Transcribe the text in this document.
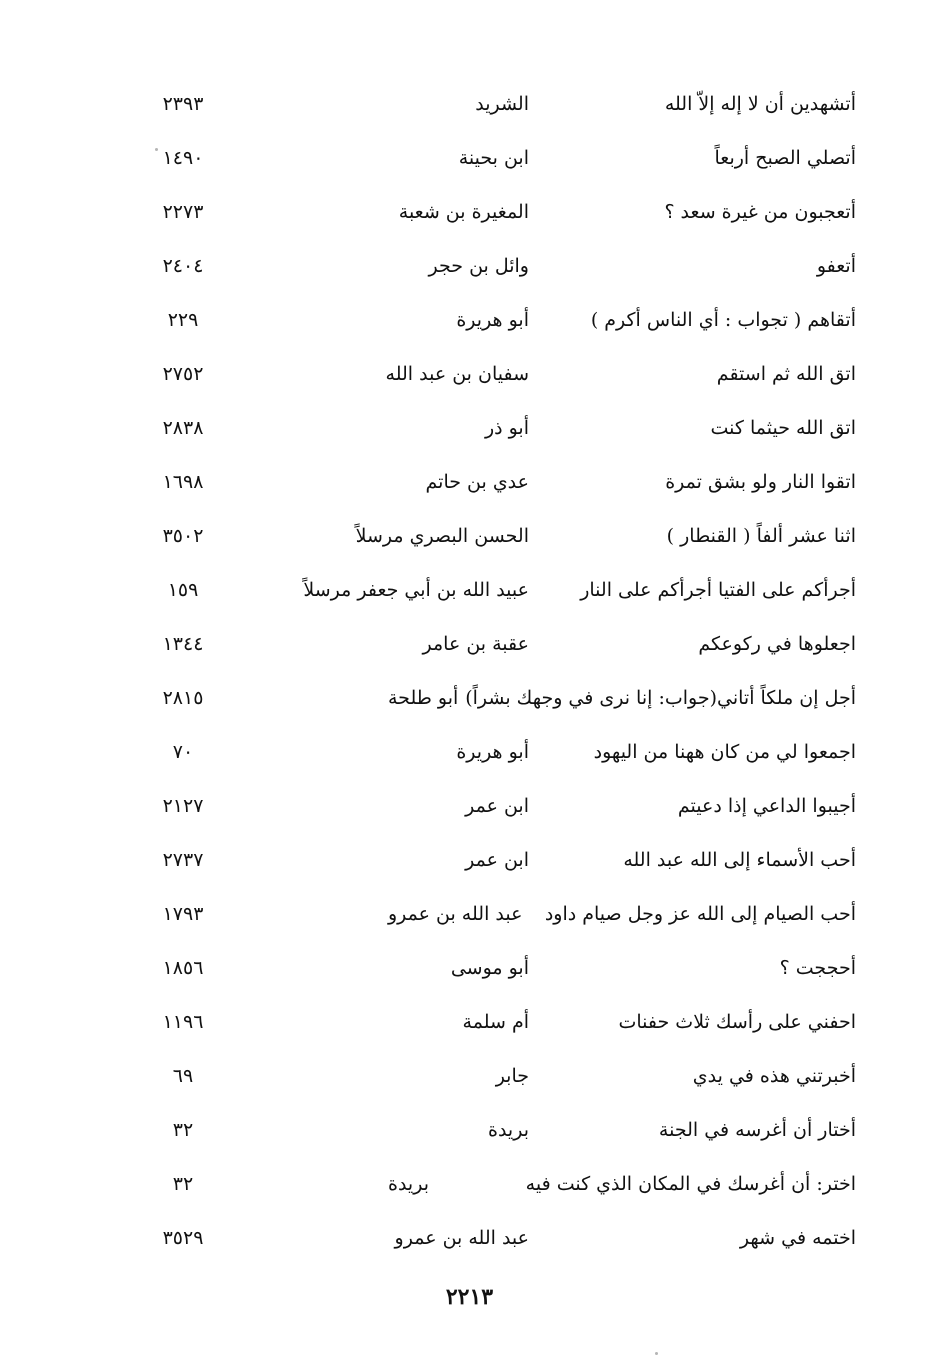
أتشهدين أن لا إله إلاّ الله
الشريد
٢٣٩٣
أتصلي الصبح أربعاً
ابن بحينة
١٤٩٠
أتعجبون من غيرة سعد ؟
المغيرة بن شعبة
٢٢٧٣
أتعفو
وائل بن حجر
٢٤٠٤
أتقاهم ( تجواب : أي الناس أكرم )
أبو هريرة
٢٢٩
اتق الله ثم استقم
سفيان بن عبد الله
٢٧٥٢
اتق الله حيثما كنت
أبو ذر
٢٨٣٨
اتقوا النار ولو بشق تمرة
عدي بن حاتم
١٦٩٨
اثنا عشر ألفاً ( القنطار )
الحسن البصري مرسلاً
٣٥٠٢
أجرأكم على الفتيا أجرأكم على النار
عبيد الله بن أبي جعفر مرسلاً
١٥٩
اجعلوها في ركوعكم
عقبة بن عامر
١٣٤٤
أجل إن ملكاً أتاني(جواب: إنا نرى في وجهك بشراً)
أبو طلحة
٢٨١٥
اجمعوا لي من كان ههنا من اليهود
أبو هريرة
٧٠
أجيبوا الداعي إذا دعيتم
ابن عمر
٢١٢٧
أحب الأسماء إلى الله عبد الله
ابن عمر
٢٧٣٧
أحب الصيام إلى الله عز وجل صيام داود
عبد الله بن عمرو
١٧٩٣
أحججت ؟
أبو موسى
١٨٥٦
احفني على رأسك ثلاث حفنات
أم سلمة
١١٩٦
أخبرتني هذه في يدي
جابر
٦٩
أختار أن أغرسه في الجنة
بريدة
٣٢
اختر: أن أغرسك في المكان الذي كنت فيه
بريدة
٣٢
اختمه في شهر
عبد الله بن عمرو
٣٥٢٩
٢٢١٣
